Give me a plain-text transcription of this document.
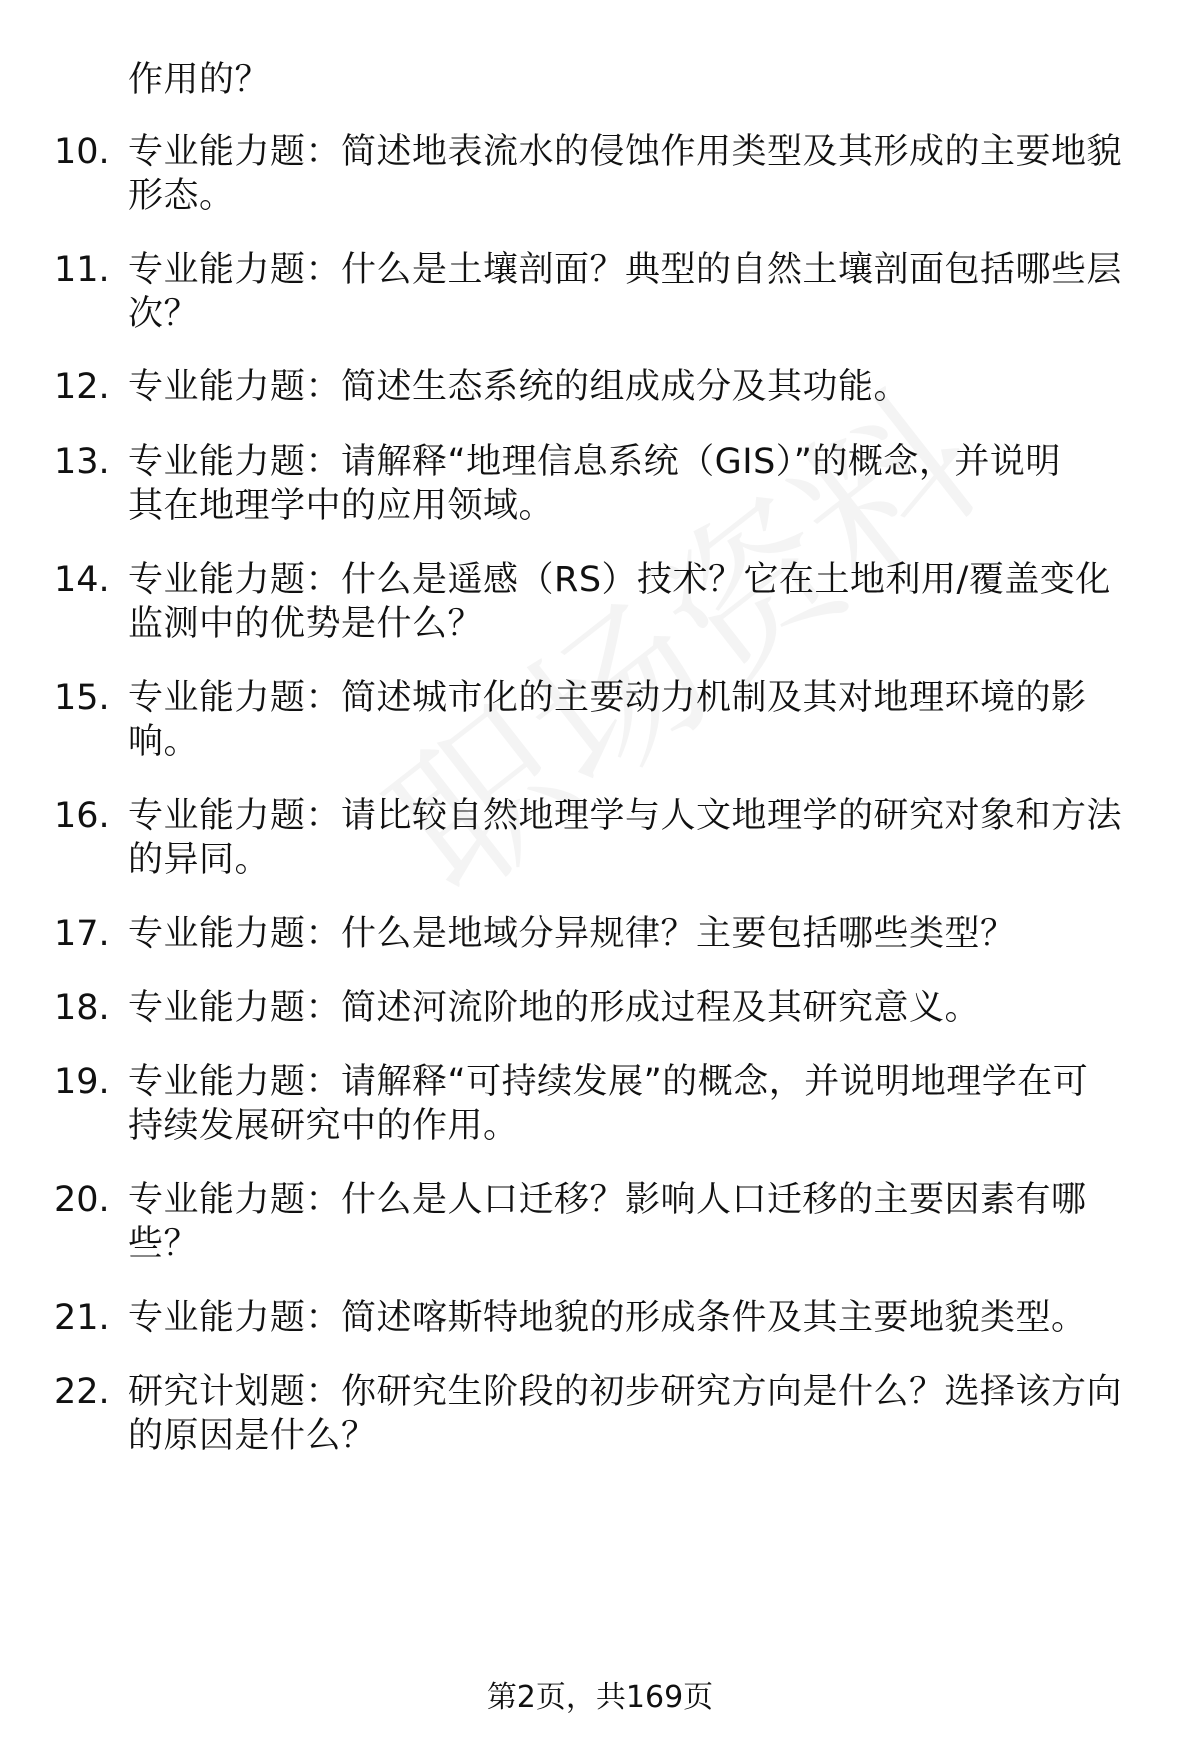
作用的？
10. 专业能力题：简述地表流水的侵蚀作用类型及其形成的主要地貌
形态。
11. 专业能力题：什么是土壤剖面？典型的自然土壤剖面包括哪些层
次？
12. 专业能力题：简述生态系统的组成成分及其功能。
13. 专业能力题：请解释“地理信息系统（GIS）”的概念，并说明
其在地理学中的应用领域。
14. 专业能力题：什么是遥感（RS）技术？它在土地利用/覆盖变化
监测中的优势是什么？
15. 专业能力题：简述城市化的主要动力机制及其对地理环境的影
响。
16. 专业能力题：请比较自然地理学与人文地理学的研究对象和方法
的异同。
17. 专业能力题：什么是地域分异规律？主要包括哪些类型？
18. 专业能力题：简述河流阶地的形成过程及其研究意义。
19. 专业能力题：请解释“可持续发展”的概念，并说明地理学在可
持续发展研究中的作用。
20. 专业能力题：什么是人口迁移？影响人口迁移的主要因素有哪
些？
21. 专业能力题：简述喀斯特地貌的形成条件及其主要地貌类型。
22. 研究计划题：你研究生阶段的初步研究方向是什么？选择该方向
的原因是什么？
第2页，共169页
